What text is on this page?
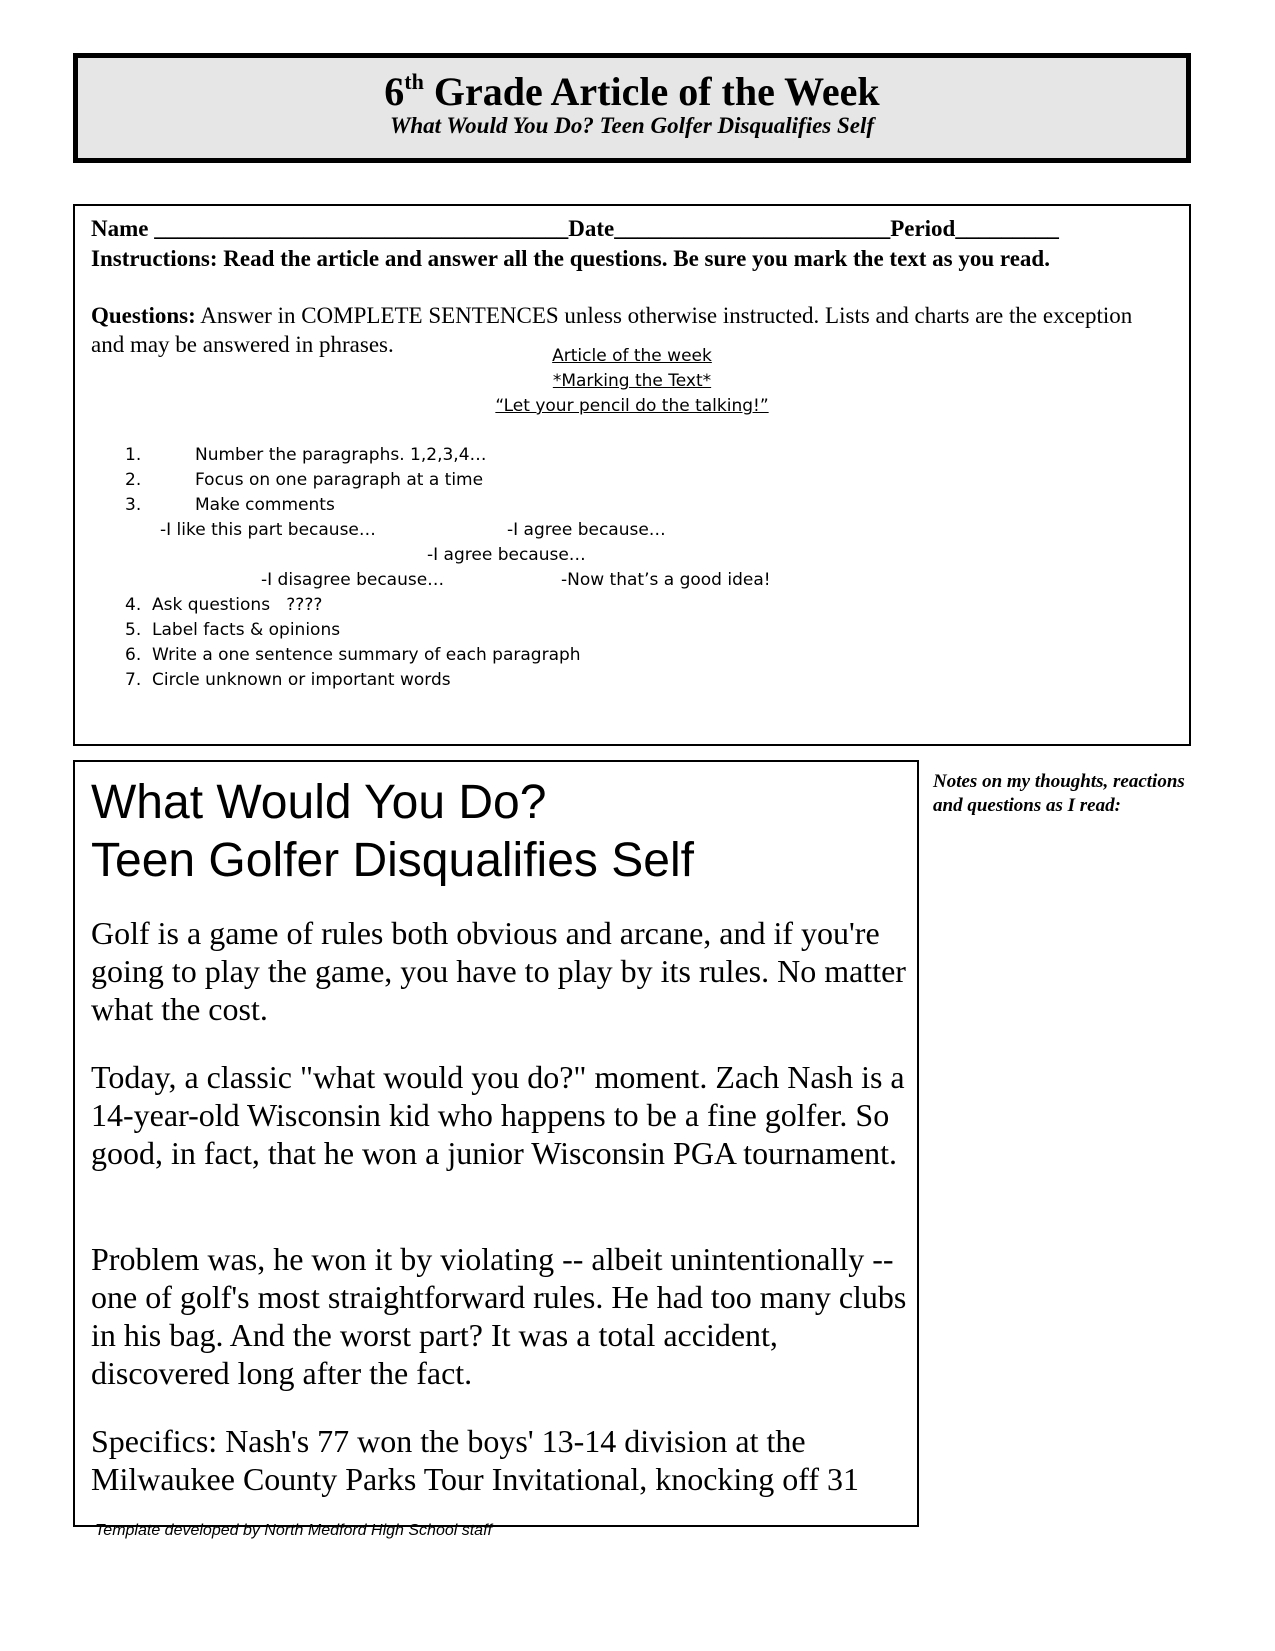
6th Grade Article of the Week
What Would You Do? Teen Golfer Disqualifies Self
Name ____________________________________Date________________________Period_________
Instructions: Read the article and answer all the questions. Be sure you mark the text as you read.
Questions: Answer in COMPLETE SENTENCES unless otherwise instructed. Lists and charts are the exception and may be answered in phrases.	Article of the week
*Marking the Text*
“Let your pencil do the talking!”
1.	Number the paragraphs. 1,2,3,4…
2.	Focus on one paragraph at a time
3.	Make comments
-I like this part because…	-I agree because…
-I agree because…
-I disagree because…	-Now that’s a good idea!
4.  Ask questions   ????
5.  Label facts & opinions
6.  Write a one sentence summary of each paragraph
7.  Circle unknown or important words
What Would You Do?
Teen Golfer Disqualifies Self
Golf is a game of rules both obvious and arcane, and if you're going to play the game, you have to play by its rules. No matter what the cost.
Today, a classic "what would you do?" moment. Zach Nash is a 14-year-old Wisconsin kid who happens to be a fine golfer. So good, in fact, that he won a junior Wisconsin PGA tournament.
Problem was, he won it by violating -- albeit unintentionally -- one of golf's most straightforward rules. He had too many clubs in his bag. And the worst part? It was a total accident, discovered long after the fact.
Specifics: Nash's 77 won the boys' 13-14 division at the Milwaukee County Parks Tour Invitational, knocking off 31
Notes on my thoughts, reactions and questions as I read:
Template developed by North Medford High School staff
